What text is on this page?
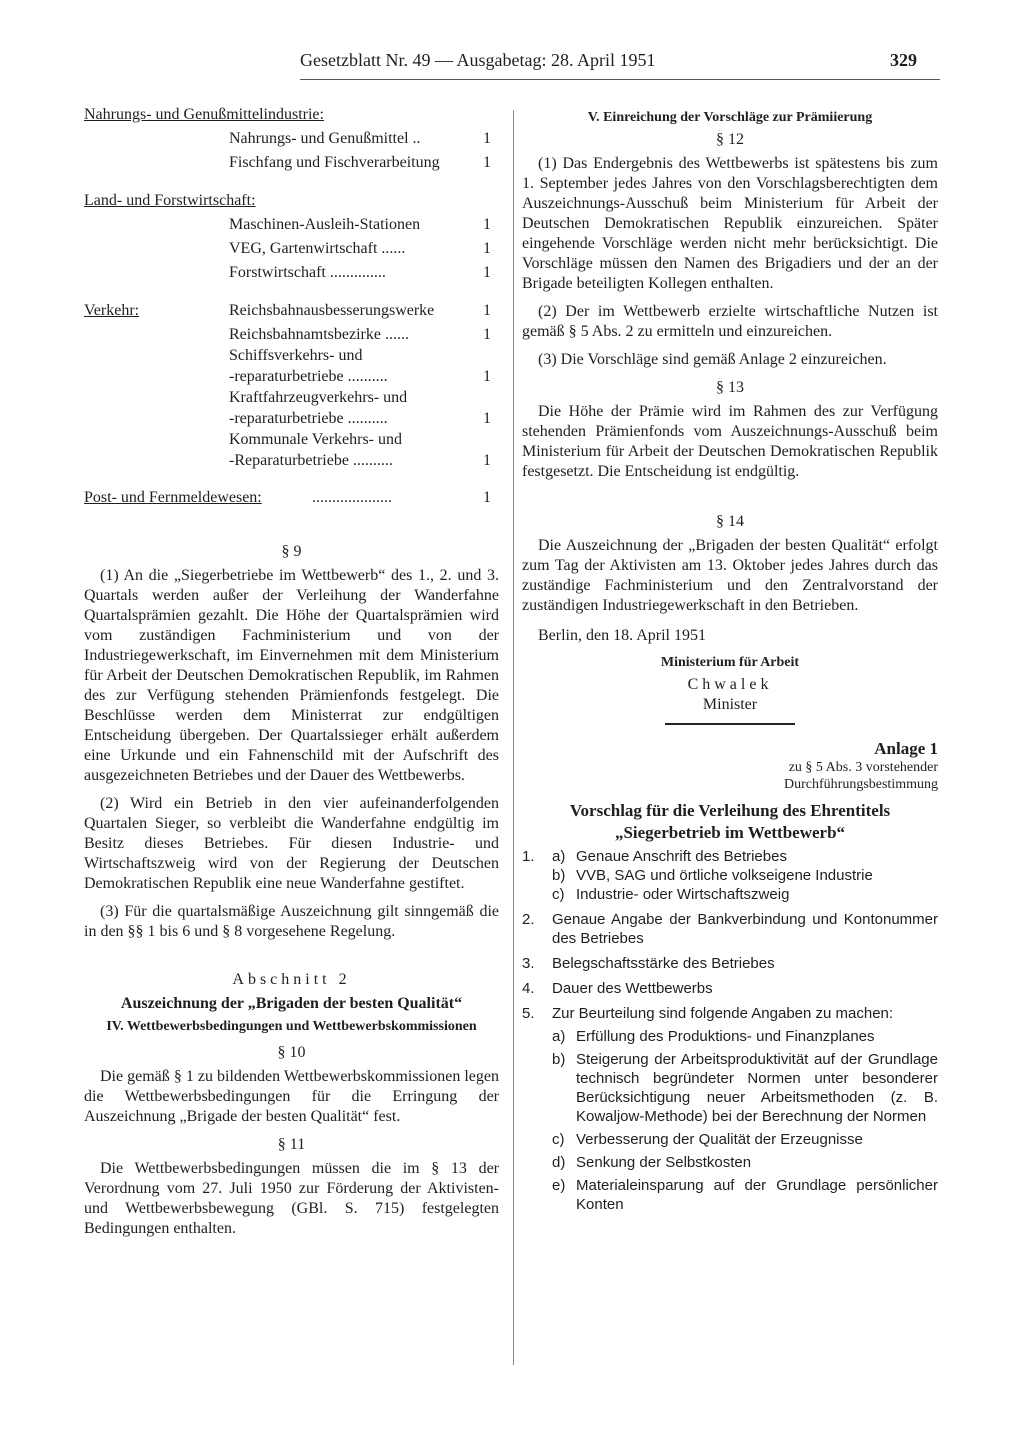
Gesetzblatt Nr. 49 — Ausgabetag: 28. April 1951	329
Nahrungs- und Genußmittelindustrie:
Nahrungs- und Genußmittel ..	1
Fischfang und Fischverarbeitung	1
Land- und Forstwirtschaft:
Maschinen-Ausleih-Stationen	1
VEG, Gartenwirtschaft ......	1
Forstwirtschaft ..............	1
Verkehr:	Reichsbahnausbesserungswerke	1
Reichsbahnamtsbezirke ......	1
Schiffsverkehrs- und
-reparaturbetriebe ..........	1
Kraftfahrzeugverkehrs- und
-reparaturbetriebe ..........	1
Kommunale Verkehrs- und
-Reparaturbetriebe ..........	1
Post- und Fernmeldewesen:	....................	1
§ 9
(1) An die „Siegerbetriebe im Wettbewerb“ des 1., 2. und 3. Quartals werden außer der Verleihung der Wanderfahne Quartalsprämien gezahlt. Die Höhe der Quartalsprämien wird vom zuständigen Fachministerium und von der Industriegewerkschaft, im Einvernehmen mit dem Ministerium für Arbeit der Deutschen Demokratischen Republik, im Rahmen des zur Verfügung stehenden Prämienfonds festgelegt. Die Beschlüsse werden dem Ministerrat zur endgültigen Entscheidung übergeben. Der Quartalssieger erhält außerdem eine Urkunde und ein Fahnenschild mit der Aufschrift des ausgezeichneten Betriebes und der Dauer des Wettbewerbs.
(2) Wird ein Betrieb in den vier aufeinanderfolgenden Quartalen Sieger, so verbleibt die Wanderfahne endgültig im Besitz dieses Betriebes. Für diesen Industrie- und Wirtschaftszweig wird von der Regierung der Deutschen Demokratischen Republik eine neue Wanderfahne gestiftet.
(3) Für die quartalsmäßige Auszeichnung gilt sinngemäß die in den §§ 1 bis 6 und § 8 vorgesehene Regelung.
Abschnitt 2
Auszeichnung der „Brigaden der besten Qualität“
IV. Wettbewerbsbedingungen und Wettbewerbskommissionen
§ 10
Die gemäß § 1 zu bildenden Wettbewerbskommissionen legen die Wettbewerbsbedingungen für die Erringung der Auszeichnung „Brigade der besten Qualität“ fest.
§ 11
Die Wettbewerbsbedingungen müssen die im § 13 der Verordnung vom 27. Juli 1950 zur Förderung der Aktivisten- und Wettbewerbsbewegung (GBl. S. 715) festgelegten Bedingungen enthalten.
V. Einreichung der Vorschläge zur Prämiierung
§ 12
(1) Das Endergebnis des Wettbewerbs ist spätestens bis zum 1. September jedes Jahres von den Vorschlagsberechtigten dem Auszeichnungs-Ausschuß beim Ministerium für Arbeit der Deutschen Demokratischen Republik einzureichen. Später eingehende Vorschläge werden nicht mehr berücksichtigt. Die Vorschläge müssen den Namen des Brigadiers und der an der Brigade beteiligten Kollegen enthalten.
(2) Der im Wettbewerb erzielte wirtschaftliche Nutzen ist gemäß § 5 Abs. 2 zu ermitteln und einzureichen.
(3) Die Vorschläge sind gemäß Anlage 2 einzureichen.
§ 13
Die Höhe der Prämie wird im Rahmen des zur Verfügung stehenden Prämienfonds vom Auszeichnungs-Ausschuß beim Ministerium für Arbeit der Deutschen Demokratischen Republik festgesetzt. Die Entscheidung ist endgültig.
§ 14
Die Auszeichnung der „Brigaden der besten Qualität“ erfolgt zum Tag der Aktivisten am 13. Oktober jedes Jahres durch das zuständige Fachministerium und den Zentralvorstand der zuständigen Industriegewerkschaft in den Betrieben.
Berlin, den 18. April 1951
Ministerium für Arbeit
Chwalek
Minister
Anlage 1
zu § 5 Abs. 3 vorstehender
Durchführungsbestimmung
Vorschlag für die Verleihung des Ehrentitels
„Siegerbetrieb im Wettbewerb“
1. a) Genaue Anschrift des Betriebes
b) VVB, SAG und örtliche volkseigene Industrie
c) Industrie- oder Wirtschaftszweig
2. Genaue Angabe der Bankverbindung und Kontonummer des Betriebes
3. Belegschaftsstärke des Betriebes
4. Dauer des Wettbewerbs
5. Zur Beurteilung sind folgende Angaben zu machen:
a) Erfüllung des Produktions- und Finanzplanes
b) Steigerung der Arbeitsproduktivität auf der Grundlage technisch begründeter Normen unter besonderer Berücksichtigung neuer Arbeitsmethoden (z. B. Kowaljow-Methode) bei der Berechnung der Normen
c) Verbesserung der Qualität der Erzeugnisse
d) Senkung der Selbstkosten
e) Materialeinsparung auf der Grundlage persönlicher Konten
